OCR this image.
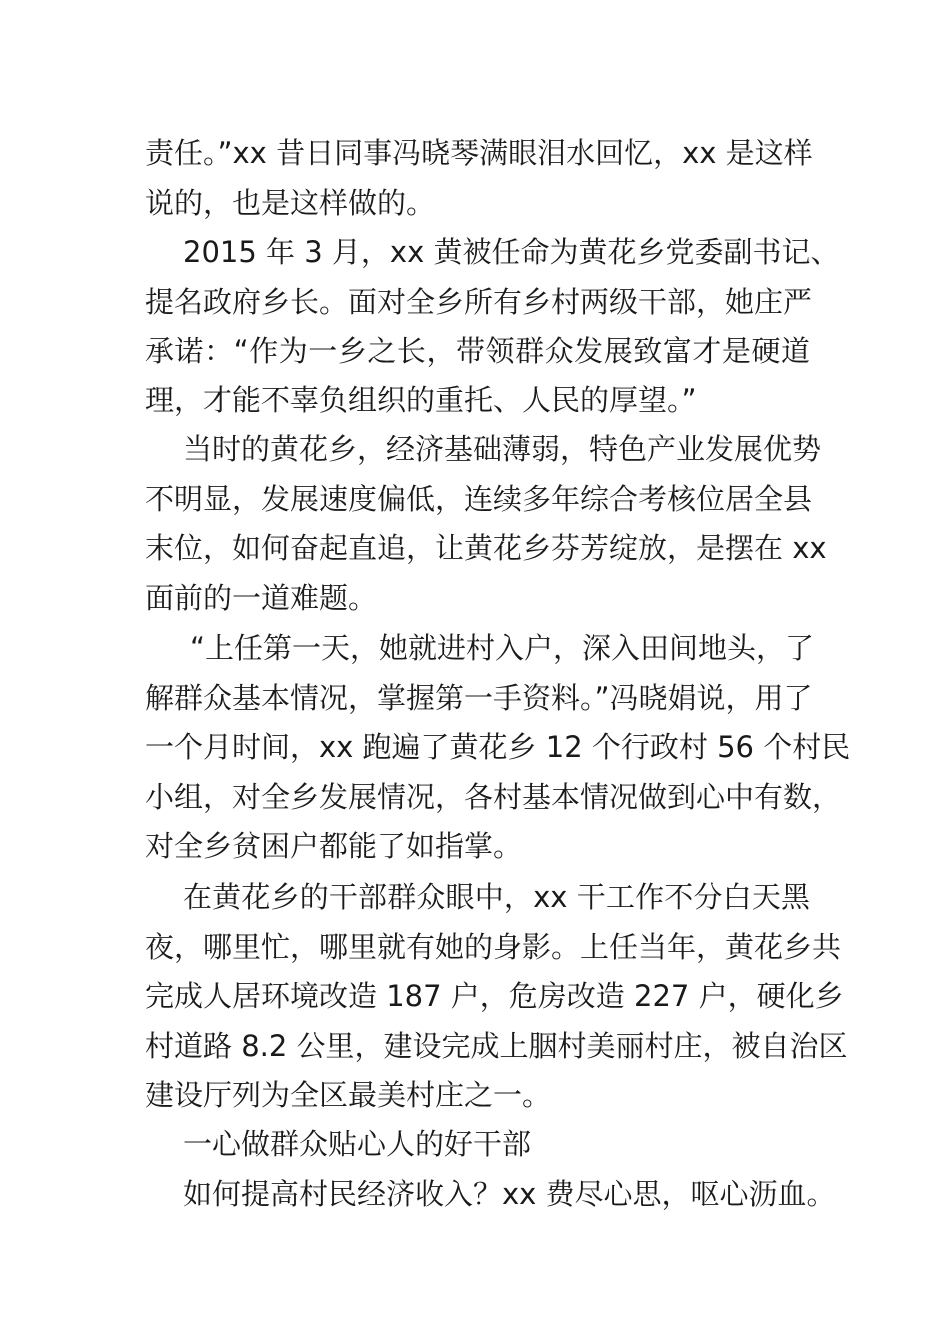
责任。”xx 昔日同事冯晓琴满眼泪水回忆，xx 是这样
说的，也是这样做的。
2015 年 3 月，xx 黄被任命为黄花乡党委副书记、
提名政府乡长。面对全乡所有乡村两级干部，她庄严
承诺：“作为一乡之长，带领群众发展致富才是硬道
理，才能不辜负组织的重托、人民的厚望。”
当时的黄花乡，经济基础薄弱，特色产业发展优势
不明显，发展速度偏低，连续多年综合考核位居全县
末位，如何奋起直追，让黄花乡芬芳绽放，是摆在 xx
面前的一道难题。
“上任第一天，她就进村入户，深入田间地头，了
解群众基本情况，掌握第一手资料。”冯晓娟说，用了
一个月时间，xx 跑遍了黄花乡 12 个行政村 56 个村民
小组，对全乡发展情况，各村基本情况做到心中有数，
对全乡贫困户都能了如指掌。
在黄花乡的干部群众眼中，xx 干工作不分白天黑
夜，哪里忙，哪里就有她的身影。上任当年，黄花乡共
完成人居环境改造 187 户，危房改造 227 户，硬化乡
村道路 8.2 公里，建设完成上胭村美丽村庄，被自治区
建设厅列为全区最美村庄之一。
一心做群众贴心人的好干部
如何提高村民经济收入？xx 费尽心思，呕心沥血。
